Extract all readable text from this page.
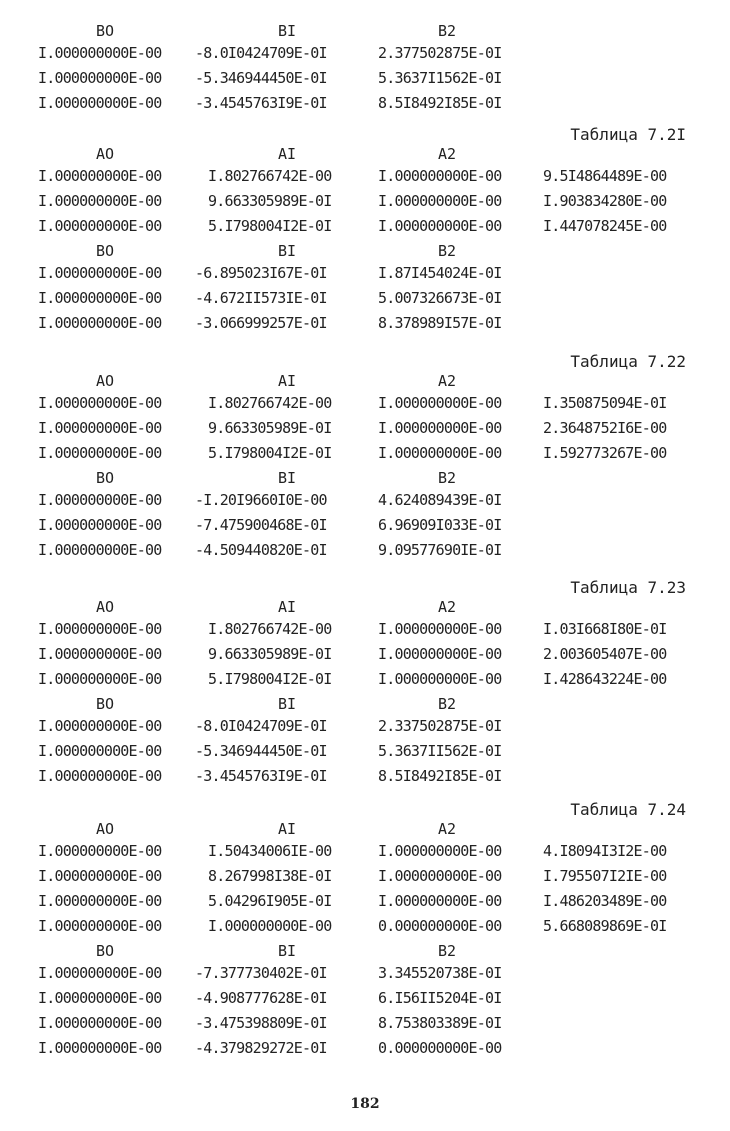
BO	BI	B2
I.000000000E-00 -8.0I0424709E-0I	2.377502875E-0I
I.000000000E-00 -5.346944450E-0I	5.3637I1562E-0I
I.000000000E-00 -3.4545763I9E-0I	8.5I8492I85E-0I
Таблица 7.2I
AO	AI	A2
I.000000000E-00	I.802766742E-00	I.000000000E-00	9.5I4864489E-00
I.000000000E-00	9.663305989E-0I	I.000000000E-00	I.903834280E-00
I.000000000E-00	5.I798004I2E-0I	I.000000000E-00	I.447078245E-00
BO	BI	B2
I.000000000E-00 -6.895023I67E-0I	I.87I454024E-0I
I.000000000E-00 -4.672II573IE-0I	5.007326673E-0I
I.000000000E-00 -3.066999257E-0I	8.378989I57E-0I
Таблица 7.22
AO	AI	A2
I.000000000E-00	I.802766742E-00	I.000000000E-00	I.350875094E-0I
I.000000000E-00	9.663305989E-0I	I.000000000E-00	2.3648752I6E-00
I.000000000E-00	5.I798004I2E-0I	I.000000000E-00	I.592773267E-00
BO	BI	B2
I.000000000E-00 -I.20I9660I0E-00	4.624089439E-0I
I.000000000E-00 -7.475900468E-0I	6.96909I033E-0I
I.000000000E-00 -4.509440820E-0I	9.09577690IE-0I
Таблица 7.23
AO	AI	A2
I.000000000E-00	I.802766742E-00	I.000000000E-00	I.03I668I80E-0I
I.000000000E-00	9.663305989E-0I	I.000000000E-00	2.003605407E-00
I.000000000E-00	5.I798004I2E-0I	I.000000000E-00	I.428643224E-00
BO	BI	B2
I.000000000E-00 -8.0I0424709E-0I	2.337502875E-0I
I.000000000E-00 -5.346944450E-0I	5.3637II562E-0I
I.000000000E-00 -3.4545763I9E-0I	8.5I8492I85E-0I
Таблица 7.24
AO	AI	A2
I.000000000E-00	I.50434006IE-00	I.000000000E-00	4.I8094I3I2E-00
I.000000000E-00	8.267998I38E-0I	I.000000000E-00	I.795507I2IE-00
I.000000000E-00	5.04296I905E-0I	I.000000000E-00	I.486203489E-00
I.000000000E-00	I.000000000E-00	0.000000000E-00	5.668089869E-0I
BO	BI	B2
I.000000000E-00 -7.377730402E-0I	3.345520738E-0I
I.000000000E-00 -4.908777628E-0I	6.I56II5204E-0I
I.000000000E-00 -3.475398809E-0I	8.753803389E-0I
I.000000000E-00 -4.379829272E-0I	0.000000000E-00
182
